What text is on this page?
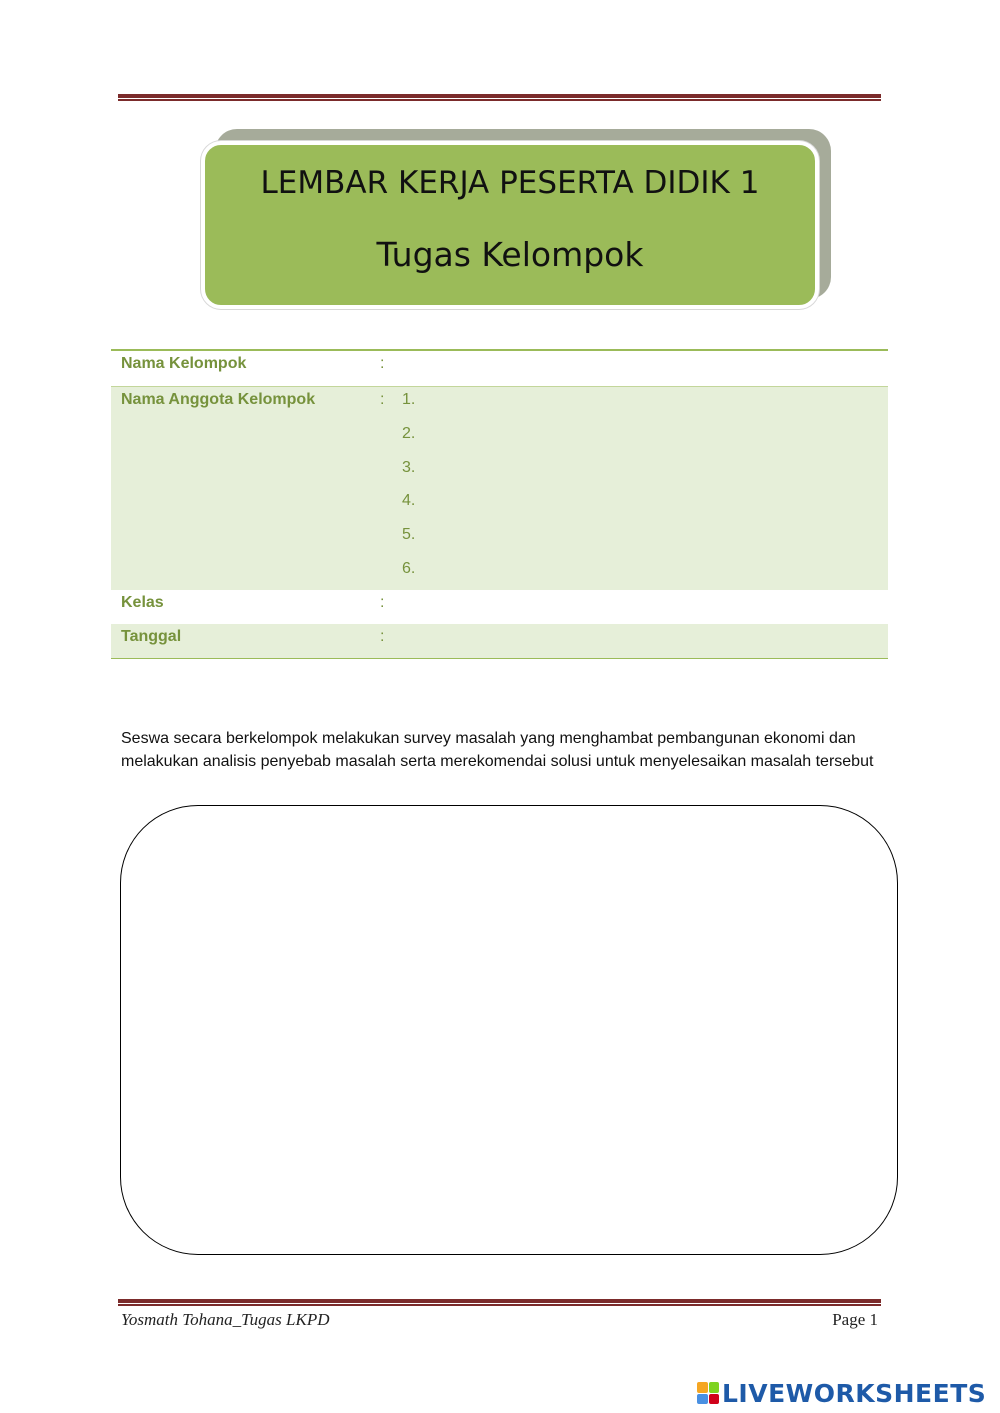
LEMBAR KERJA PESERTA DIDIK 1
Tugas Kelompok
Nama Kelompok	:
Nama Anggota Kelompok	: 1.
2.
3.
4.
5.
6.
Kelas	:
Tanggal	:
Seswa secara berkelompok melakukan survey masalah yang menghambat pembangunan ekonomi dan melakukan analisis penyebab masalah serta merekomendai solusi untuk menyelesaikan masalah tersebut
Yosmath Tohana_Tugas LKPD	Page 1
LIVEWORKSHEETS
